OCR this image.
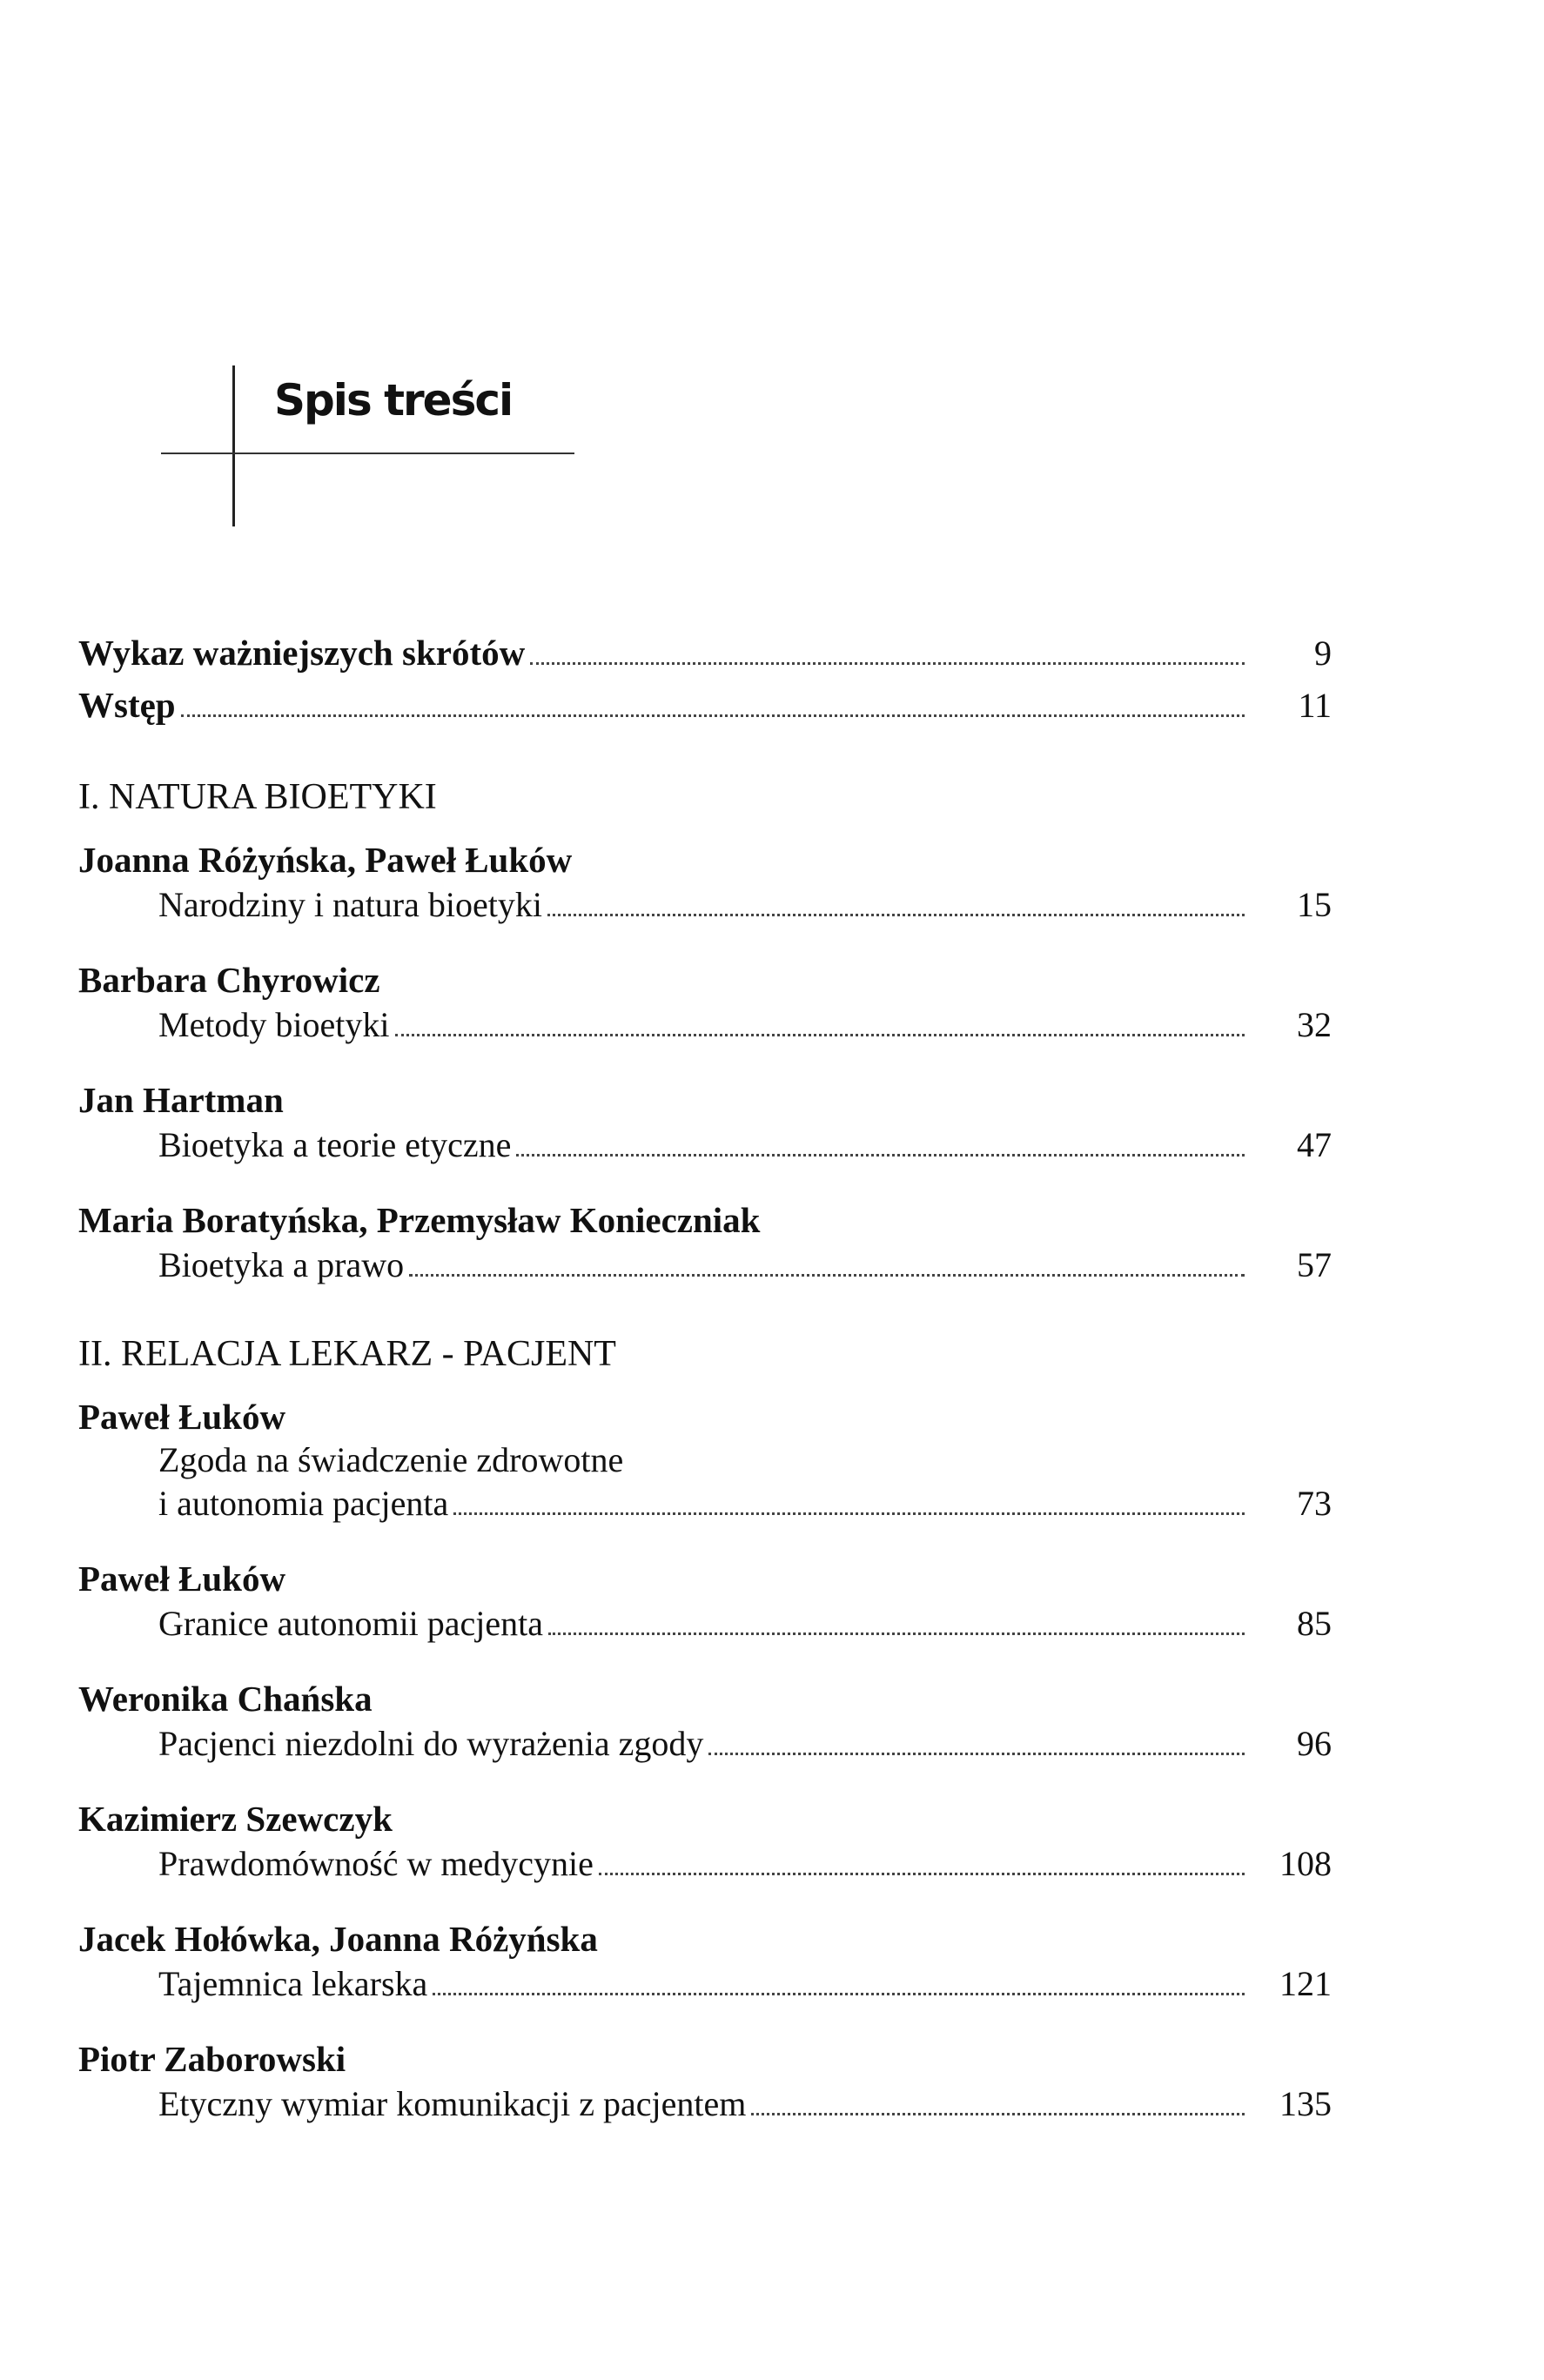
Spis treści
Wykaz ważniejszych skrótów	9
Wstęp	11
I. NATURA BIOETYKI
Joanna Różyńska, Paweł Łuków
Narodziny i natura bioetyki	15
Barbara Chyrowicz
Metody bioetyki	32
Jan Hartman
Bioetyka a teorie etyczne	47
Maria Boratyńska, Przemysław Konieczniak
Bioetyka a prawo	57
II. RELACJA LEKARZ - PACJENT
Paweł Łuków
Zgoda na świadczenie zdrowotne
i autonomia pacjenta	73
Paweł Łuków
Granice autonomii pacjenta	85
Weronika Chańska
Pacjenci niezdolni do wyrażenia zgody	96
Kazimierz Szewczyk
Prawdomówność w medycynie	108
Jacek Hołówka, Joanna Różyńska
Tajemnica lekarska	121
Piotr Zaborowski
Etyczny wymiar komunikacji z pacjentem	135
